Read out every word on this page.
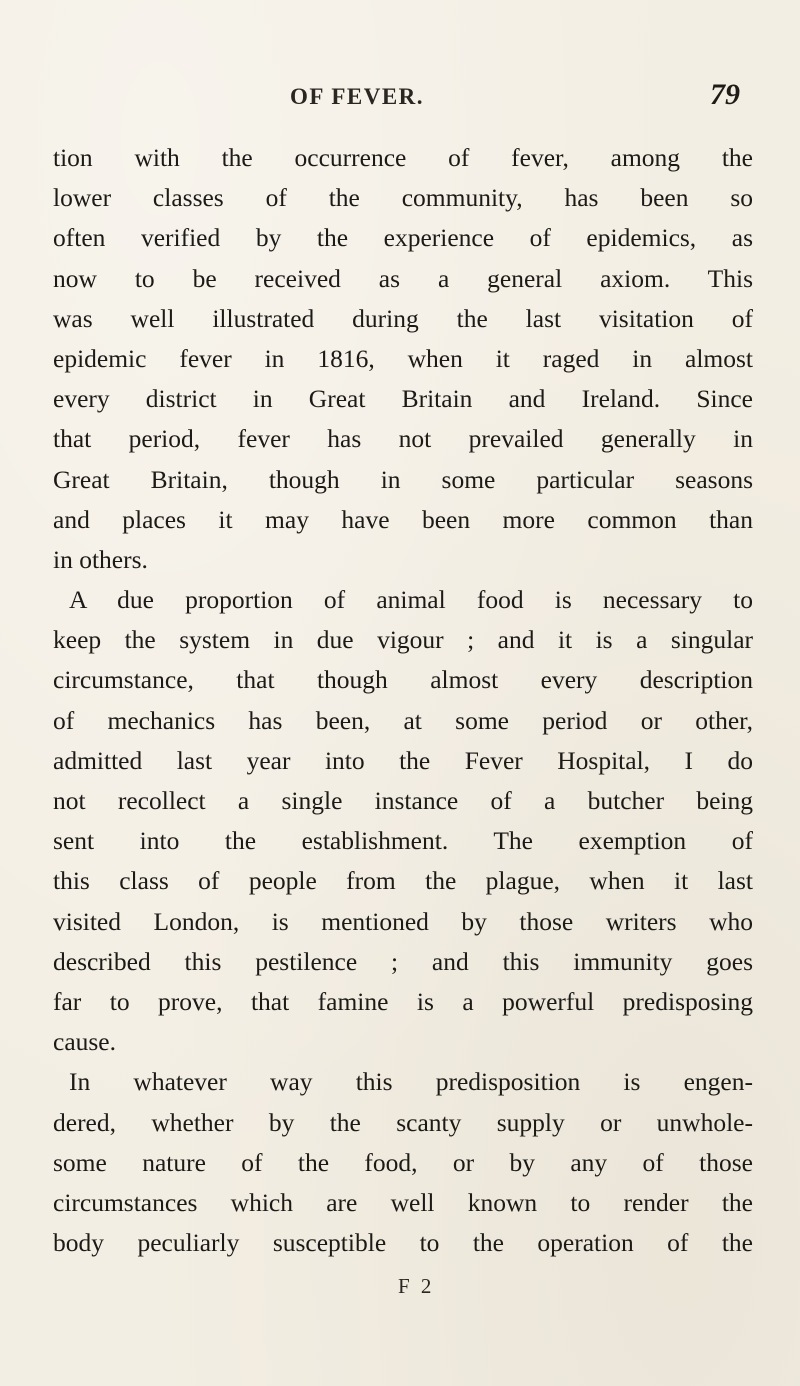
OF FEVER.	79
tion with the occurrence of fever, among the
lower classes of the community, has been so
often verified by the experience of epidemics, as
now to be received as a general axiom. This
was well illustrated during the last visitation of
epidemic fever in 1816, when it raged in almost
every district in Great Britain and Ireland. Since
that period, fever has not prevailed generally in
Great Britain, though in some particular seasons
and places it may have been more common than
in others.
A due proportion of animal food is necessary to
keep the system in due vigour ; and it is a singular
circumstance, that though almost every description
of mechanics has been, at some period or other,
admitted last year into the Fever Hospital, I do
not recollect a single instance of a butcher being
sent into the establishment. The exemption of
this class of people from the plague, when it last
visited London, is mentioned by those writers who
described this pestilence ; and this immunity goes
far to prove, that famine is a powerful predisposing
cause.
In whatever way this predisposition is engen-
dered, whether by the scanty supply or unwhole-
some nature of the food, or by any of those
circumstances which are well known to render the
body peculiarly susceptible to the operation of the
F 2
